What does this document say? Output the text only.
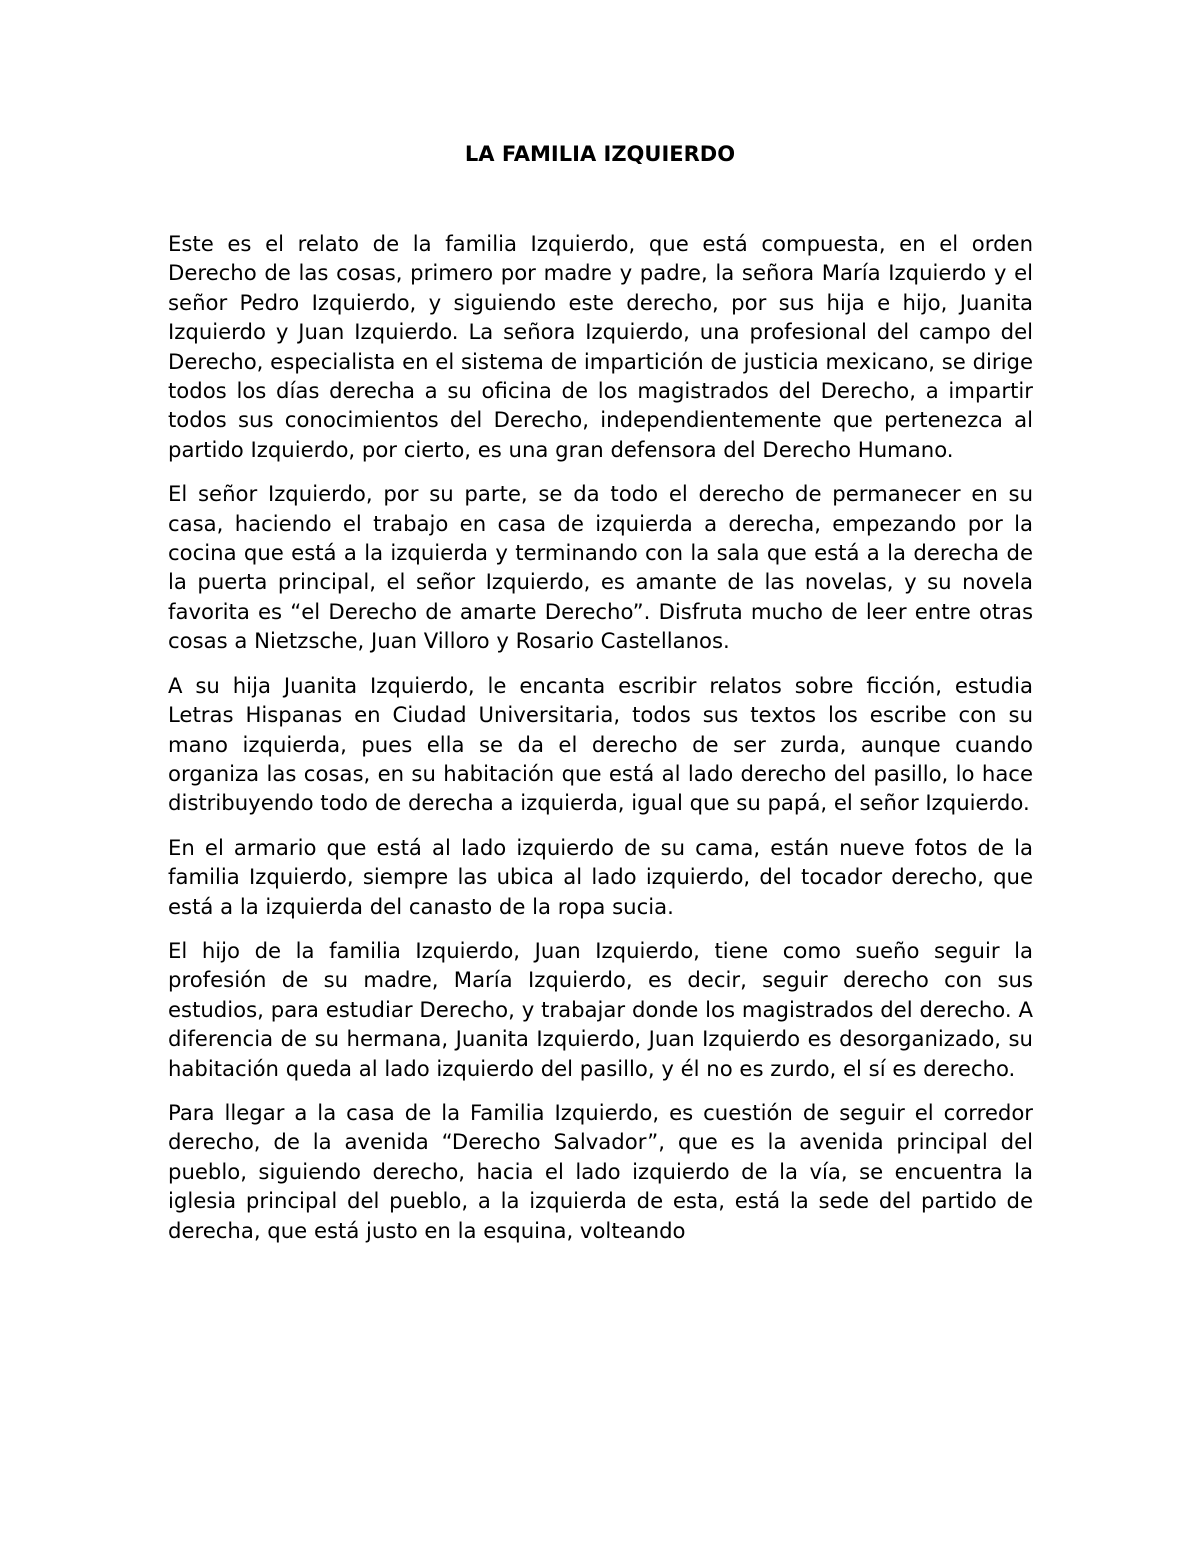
LA FAMILIA IZQUIERDO

Este es el relato de la familia Izquierdo, que está compuesta, en el orden Derecho de las cosas, primero por madre y padre, la señora María Izquierdo y el señor Pedro Izquierdo, y siguiendo este derecho, por sus hija e hijo, Juanita Izquierdo y Juan Izquierdo. La señora Izquierdo, una profesional del campo del Derecho, especialista en el sistema de impartición de justicia mexicano, se dirige todos los días derecha a su oficina de los magistrados del Derecho, a impartir todos sus conocimientos del Derecho, independientemente que pertenezca al partido Izquierdo, por cierto, es una gran defensora del Derecho Humano.

El señor Izquierdo, por su parte, se da todo el derecho de permanecer en su casa, haciendo el trabajo en casa de izquierda a derecha, empezando por la cocina que está a la izquierda y terminando con la sala que está a la derecha de la puerta principal, el señor Izquierdo, es amante de las novelas, y su novela favorita es “el Derecho de amarte Derecho”. Disfruta mucho de leer entre otras cosas a Nietzsche, Juan Villoro y Rosario Castellanos.

A su hija Juanita Izquierdo, le encanta escribir relatos sobre ficción, estudia Letras Hispanas en Ciudad Universitaria, todos sus textos los escribe con su mano izquierda, pues ella se da el derecho de ser zurda, aunque cuando organiza las cosas, en su habitación que está al lado derecho del pasillo, lo hace distribuyendo todo de derecha a izquierda, igual que su papá, el señor Izquierdo.

En el armario que está al lado izquierdo de su cama, están nueve fotos de la familia Izquierdo, siempre las ubica al lado izquierdo, del tocador derecho, que está a la izquierda del canasto de la ropa sucia.

El hijo de la familia Izquierdo, Juan Izquierdo, tiene como sueño seguir la profesión de su madre, María Izquierdo, es decir, seguir derecho con sus estudios, para estudiar Derecho, y trabajar donde los magistrados del derecho. A diferencia de su hermana, Juanita Izquierdo, Juan Izquierdo es desorganizado, su habitación queda al lado izquierdo del pasillo, y él no es zurdo, el sí es derecho.

Para llegar a la casa de la Familia Izquierdo, es cuestión de seguir el corredor derecho, de la avenida “Derecho Salvador”, que es la avenida principal del pueblo, siguiendo derecho, hacia el lado izquierdo de la vía, se encuentra la iglesia principal del pueblo, a la izquierda de esta, está la sede del partido de derecha, que está justo en la esquina, volteando
